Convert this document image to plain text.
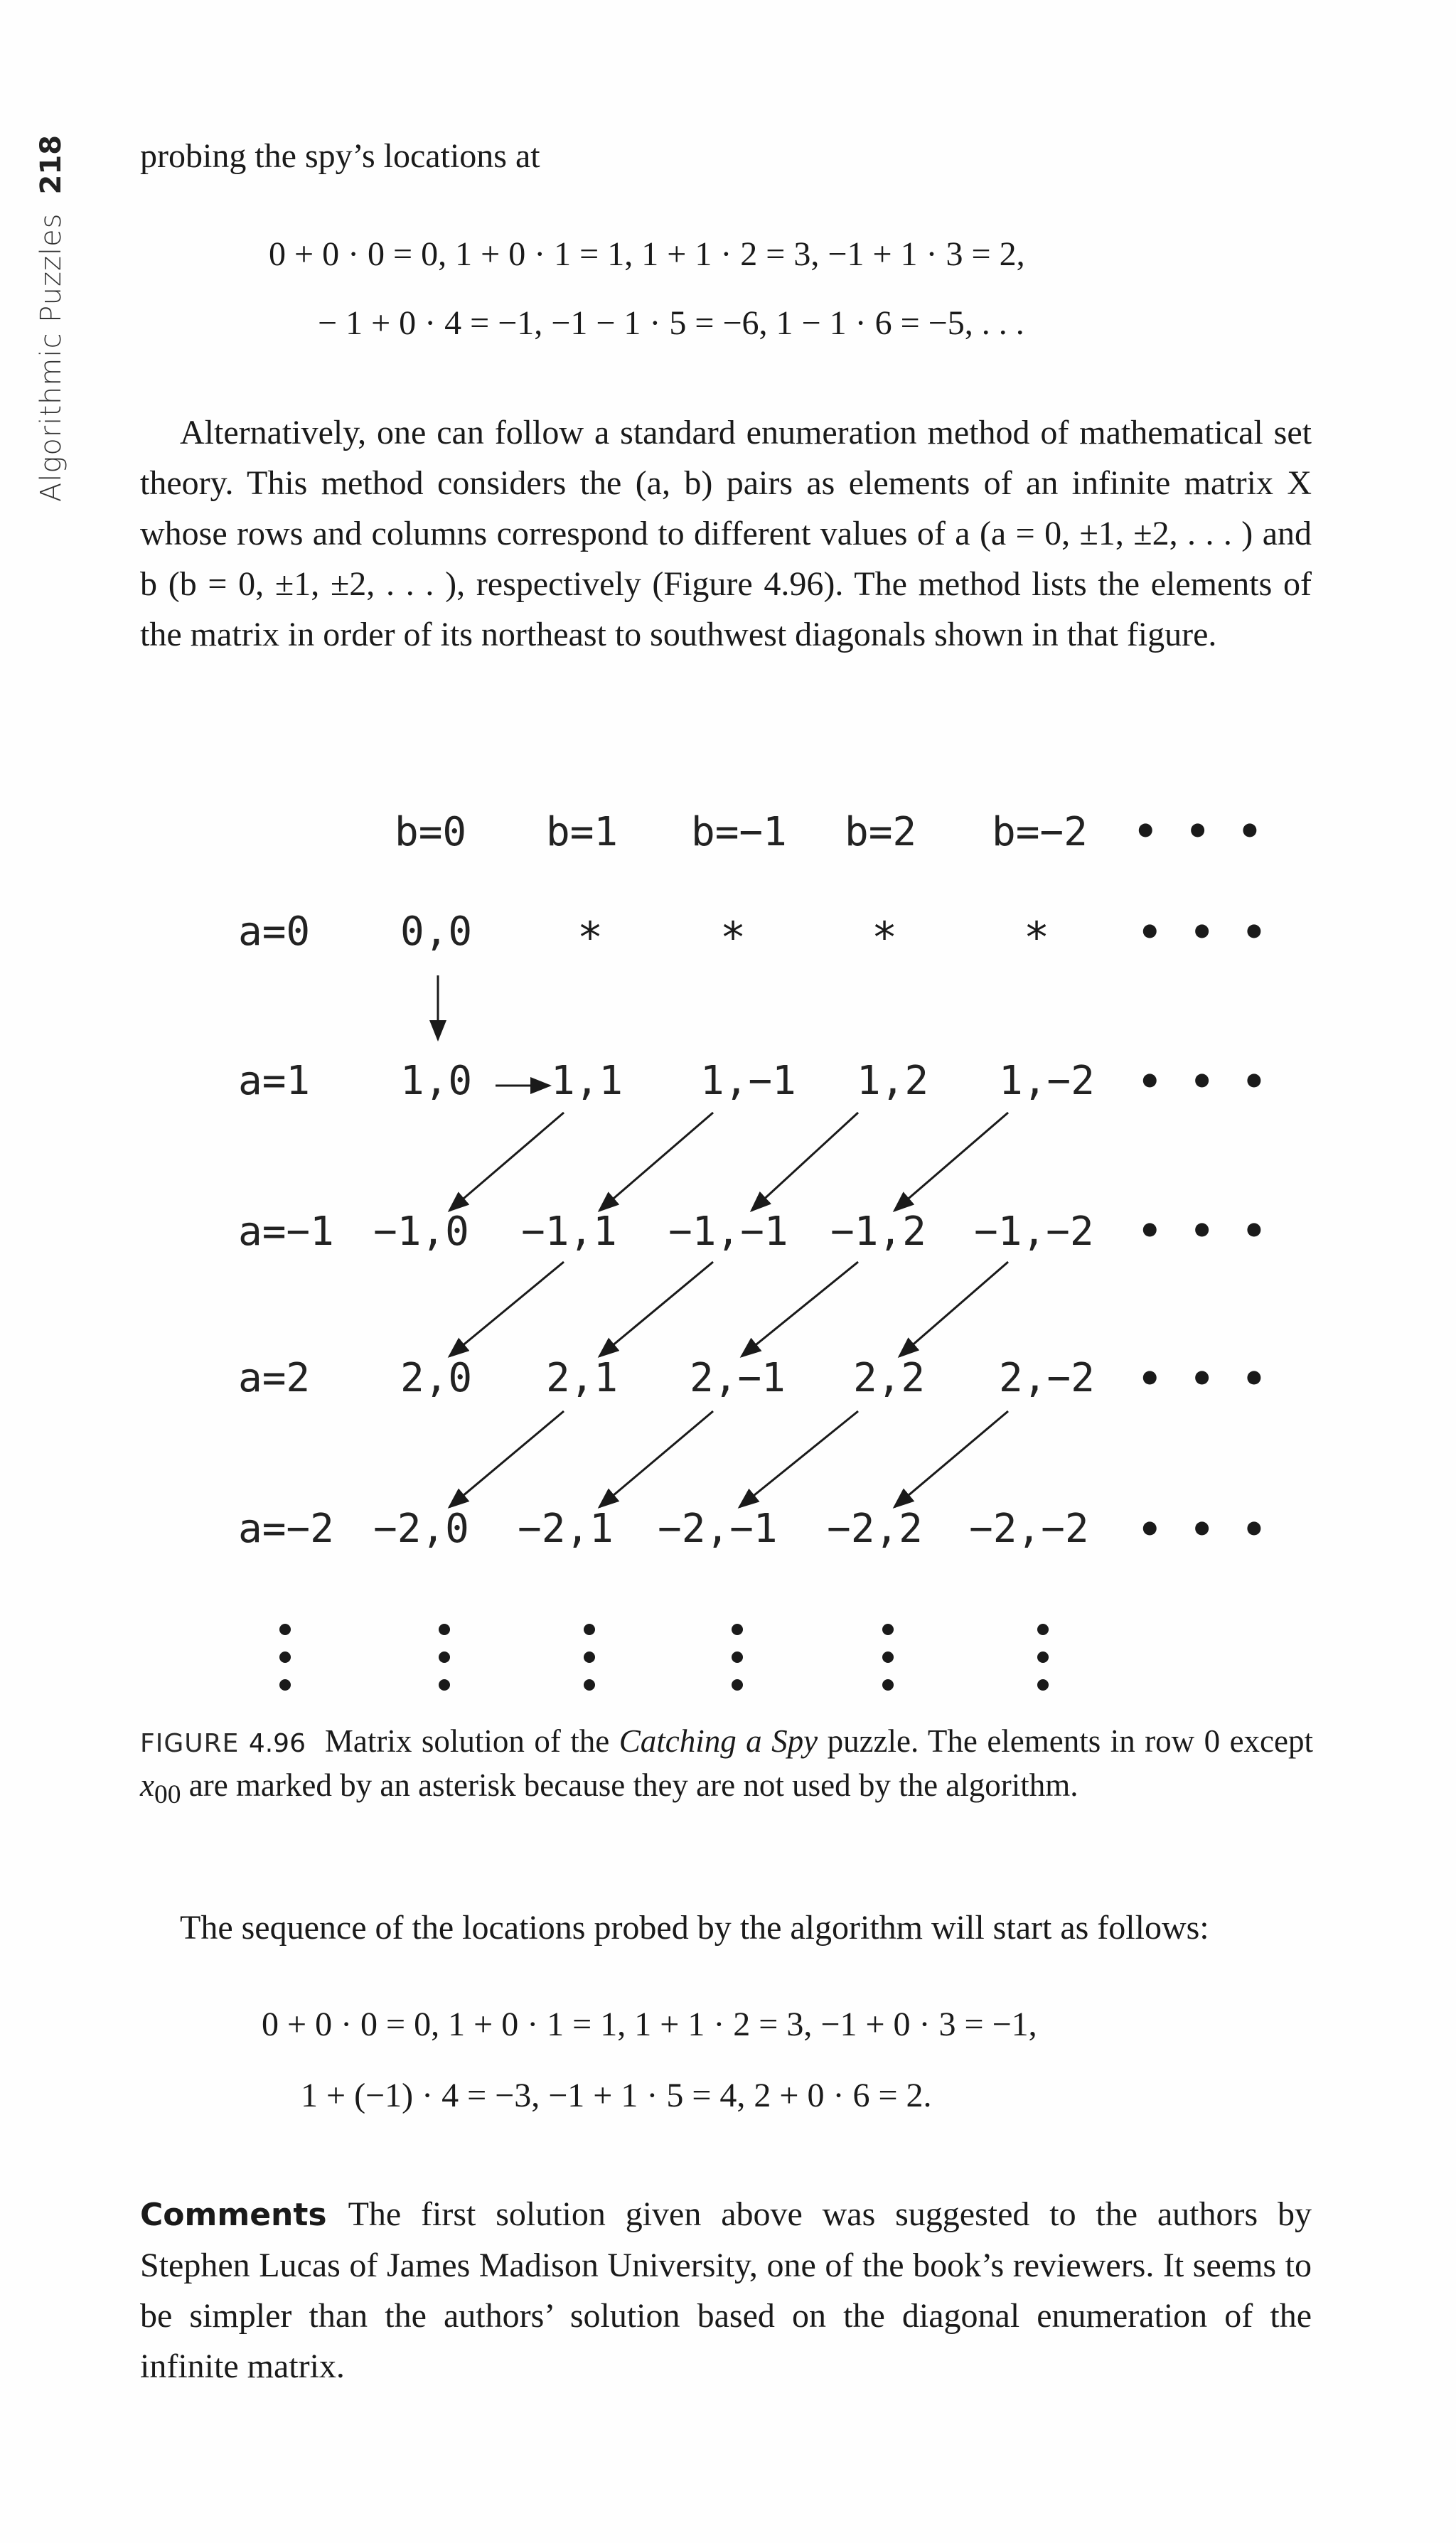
Algorithmic Puzzles
218 probing the spy’s locations at

0 + 0 · 0 = 0, 1 + 0 · 1 = 1, 1 + 1 · 2 = 3, −1 + 1 · 3 = 2,
− 1 + 0 · 4 = −1, −1 − 1 · 5 = −6, 1 − 1 · 6 = −5, . . .

Alternatively, one can follow a standard enumeration method of mathematical set theory. This method considers the (a, b) pairs as elements of an infinite matrix X whose rows and columns correspond to different values of a (a = 0, ±1, ±2, . . . ) and b (b = 0, ±1, ±2, . . . ), respectively (Figure 4.96). The method lists the elements of the matrix in order of its northeast to southwest diagonals shown in that figure.

b=0 b=1 b=−1 b=2 b=−2 • • •
a=0 0,0 *	*	*	* • • •
a=1 1,0 1,1 1,−1 1,2 1,−2 • • •
a=−1 −1,0 −1,1 −1,−1 −1,2 −1,−2 • • •
a=2 2,0 2,1 2,−1 2,2 2,−2 • • •
a=−2 −2,0 −2,1 −2,−1 −2,2 −2,−2 • • •

FIGURE 4.96 Matrix solution of the Catching a Spy puzzle. The elements in row 0 except $x_{00}$ are marked by an asterisk because they are not used by the algorithm.

The sequence of the locations probed by the algorithm will start as follows:

0 + 0 · 0 = 0, 1 + 0 · 1 = 1, 1 + 1 · 2 = 3, −1 + 0 · 3 = −1,
1 + (−1) · 4 = −3, −1 + 1 · 5 = 4, 2 + 0 · 6 = 2.

Comments The first solution given above was suggested to the authors by Stephen Lucas of James Madison University, one of the book’s reviewers. It seems to be simpler than the authors’ solution based on the diagonal enumeration of the infinite matrix.
